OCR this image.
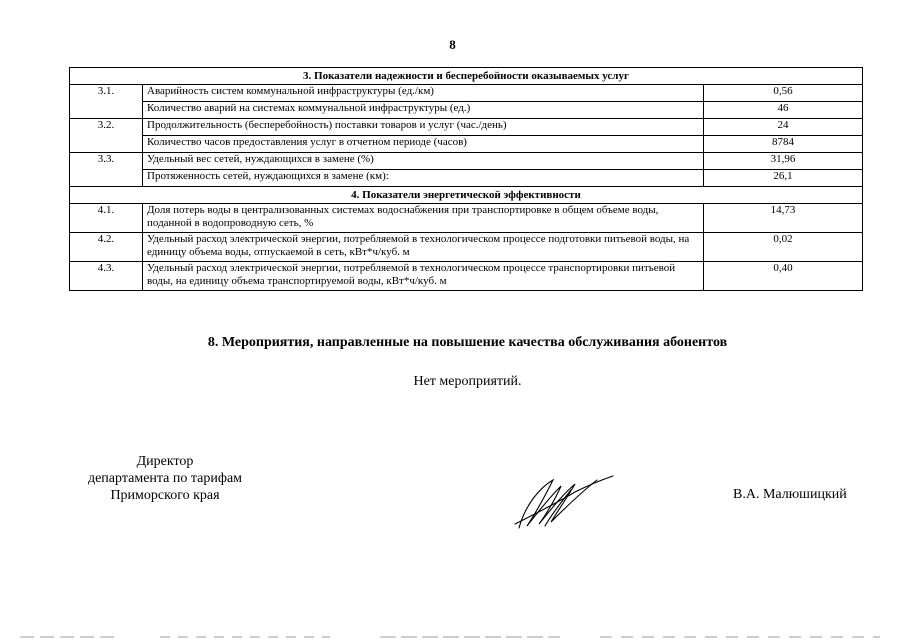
8
3. Показатели надежности и бесперебойности оказываемых услуг		
3.1.	Аварийность систем коммунальной инфраструктуры (ед./км)	0,56
	Количество аварий на системах коммунальной инфраструктуры (ед.)	46
3.2.	Продолжительность (бесперебойность) поставки товаров и услуг (час./день)	24
	Количество часов предоставления услуг в отчетном периоде (часов)	8784
3.3.	Удельный вес сетей, нуждающихся в замене (%)	31,96
	Протяженность сетей, нуждающихся в замене (км):	26,1
4. Показатели энергетической эффективности		
4.1.	Доля потерь воды в централизованных системах водоснабжения при транспортировке в общем объеме воды, поданной в водопроводную сеть, %	14,73
4.2.	Удельный расход электрической энергии, потребляемой в технологическом процессе подготовки питьевой воды, на единицу объема воды, отпускаемой в сеть, кВт*ч/куб. м	0,02
4.3.	Удельный расход электрической энергии, потребляемой в технологическом процессе транспортировки питьевой воды, на единицу объема транспортируемой воды, кВт*ч/куб. м	0,40
8. Мероприятия, направленные на повышение качества обслуживания абонентов
Нет мероприятий.
Директор
департамента по тарифам
Приморского края	В.А. Малюшицкий
